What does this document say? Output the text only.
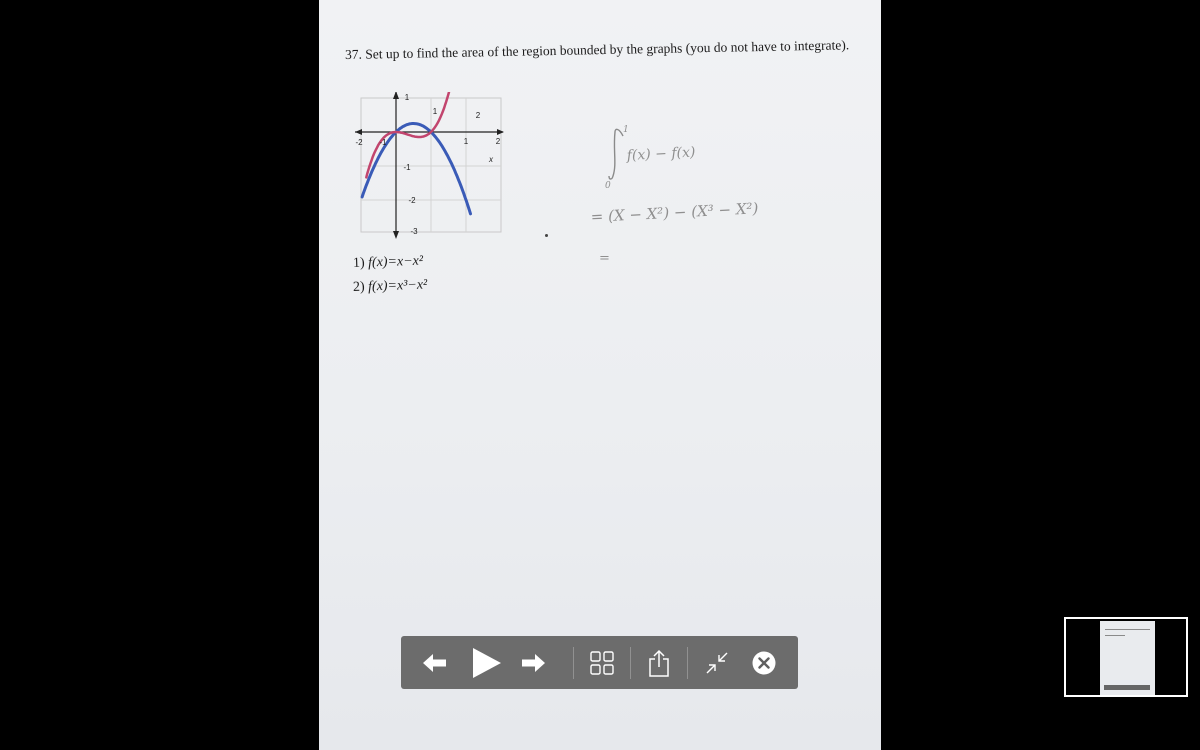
37. Set up to find the area of the region bounded by the graphs (you do not have to integrate).
-2 -1	1	2
1
-1
-2
-3
x
1	2
1) f(x)=x−x²
2) f(x)=x³−x²
1
0
f(x) − f(x)
= (X − X²) − (X³ − X²)
=
